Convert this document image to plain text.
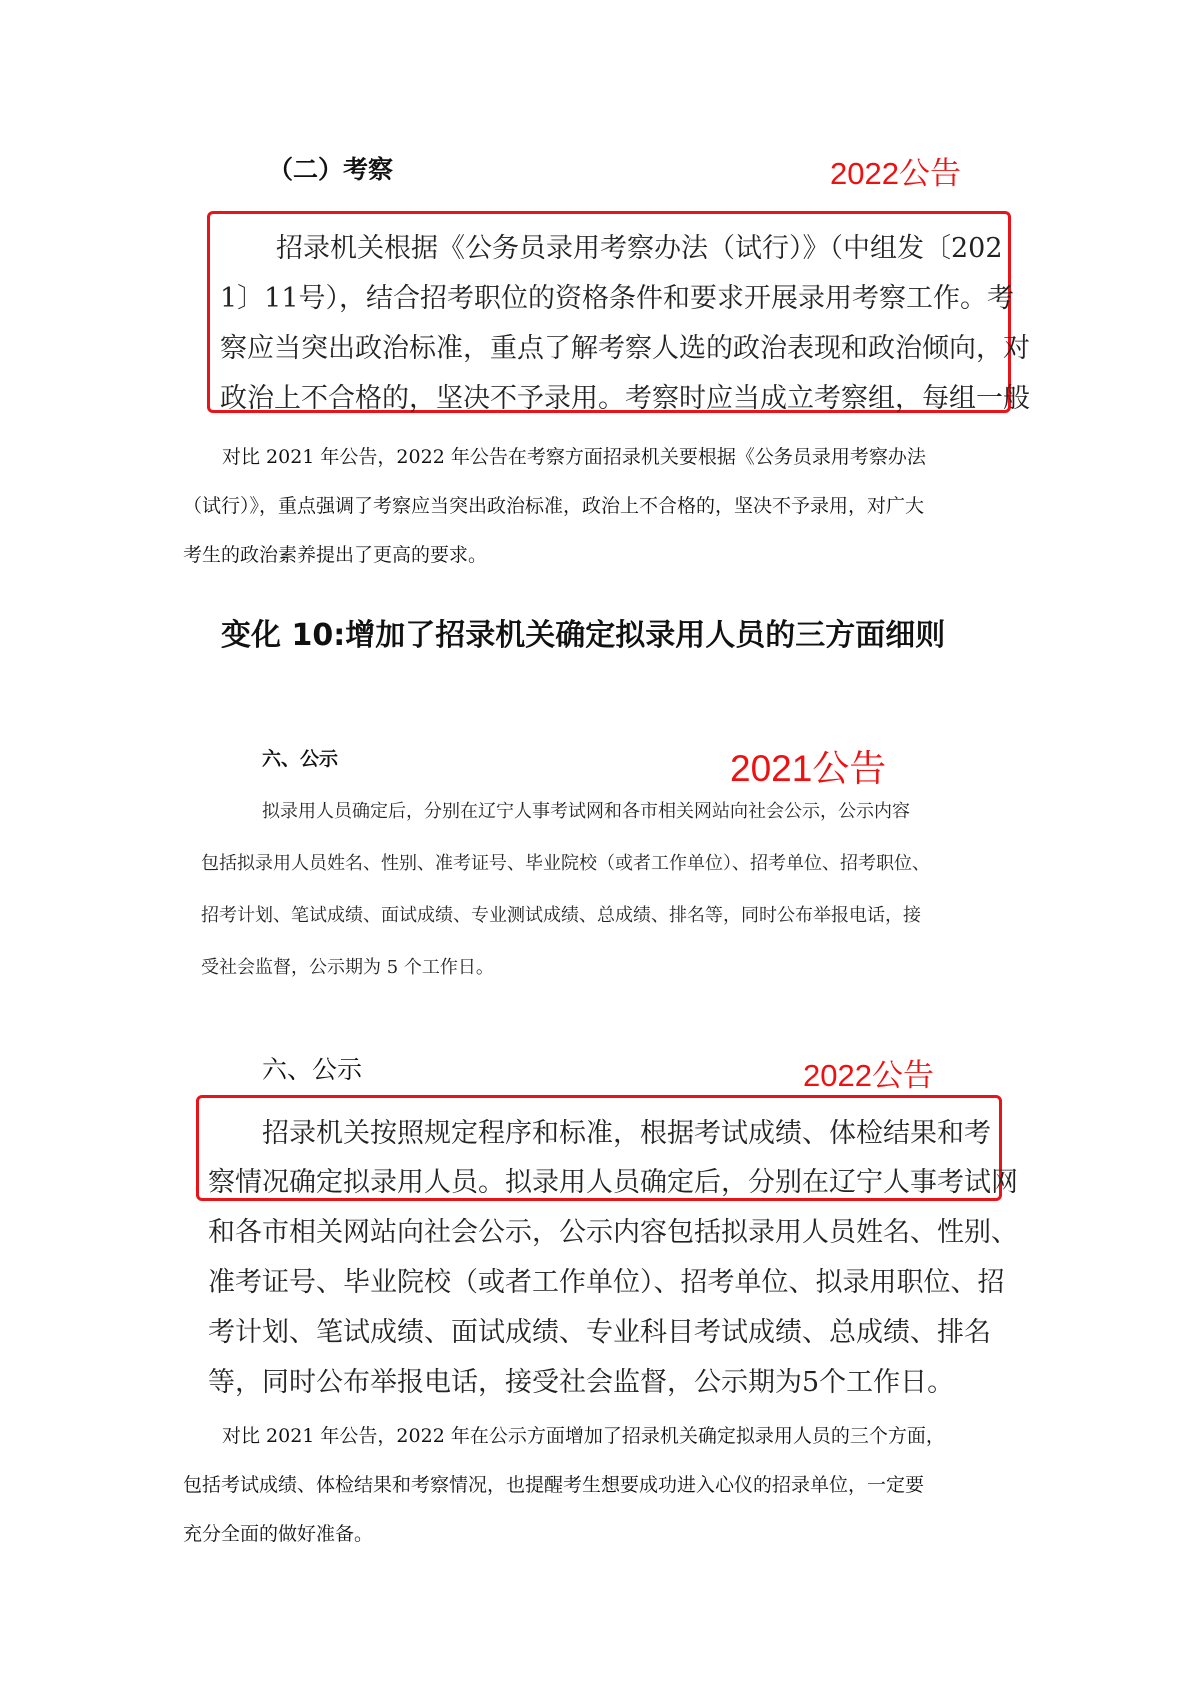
（二）考察	2022公告
招录机关根据《公务员录用考察办法（试行）》（中组发〔202
1〕11号），结合招考职位的资格条件和要求开展录用考察工作。考
察应当突出政治标准，重点了解考察人选的政治表现和政治倾向，对
政治上不合格的，坚决不予录用。考察时应当成立考察组，每组一般
对比 2021 年公告，2022 年公告在考察方面招录机关要根据《公务员录用考察办法
（试行）》，重点强调了考察应当突出政治标准，政治上不合格的，坚决不予录用，对广大
考生的政治素养提出了更高的要求。
变化 10:增加了招录机关确定拟录用人员的三方面细则
六、公示	2021公告
拟录用人员确定后，分别在辽宁人事考试网和各市相关网站向社会公示，公示内容
包括拟录用人员姓名、性别、准考证号、毕业院校（或者工作单位）、招考单位、招考职位、
招考计划、笔试成绩、面试成绩、专业测试成绩、总成绩、排名等，同时公布举报电话，接
受社会监督，公示期为 5 个工作日。
六、公示	2022公告
招录机关按照规定程序和标准，根据考试成绩、体检结果和考
察情况确定拟录用人员。拟录用人员确定后，分别在辽宁人事考试网
和各市相关网站向社会公示，公示内容包括拟录用人员姓名、性别、
准考证号、毕业院校（或者工作单位）、招考单位、拟录用职位、招
考计划、笔试成绩、面试成绩、专业科目考试成绩、总成绩、排名
等，同时公布举报电话，接受社会监督，公示期为5个工作日。
对比 2021 年公告，2022 年在公示方面增加了招录机关确定拟录用人员的三个方面，
包括考试成绩、体检结果和考察情况，也提醒考生想要成功进入心仪的招录单位，一定要
充分全面的做好准备。
